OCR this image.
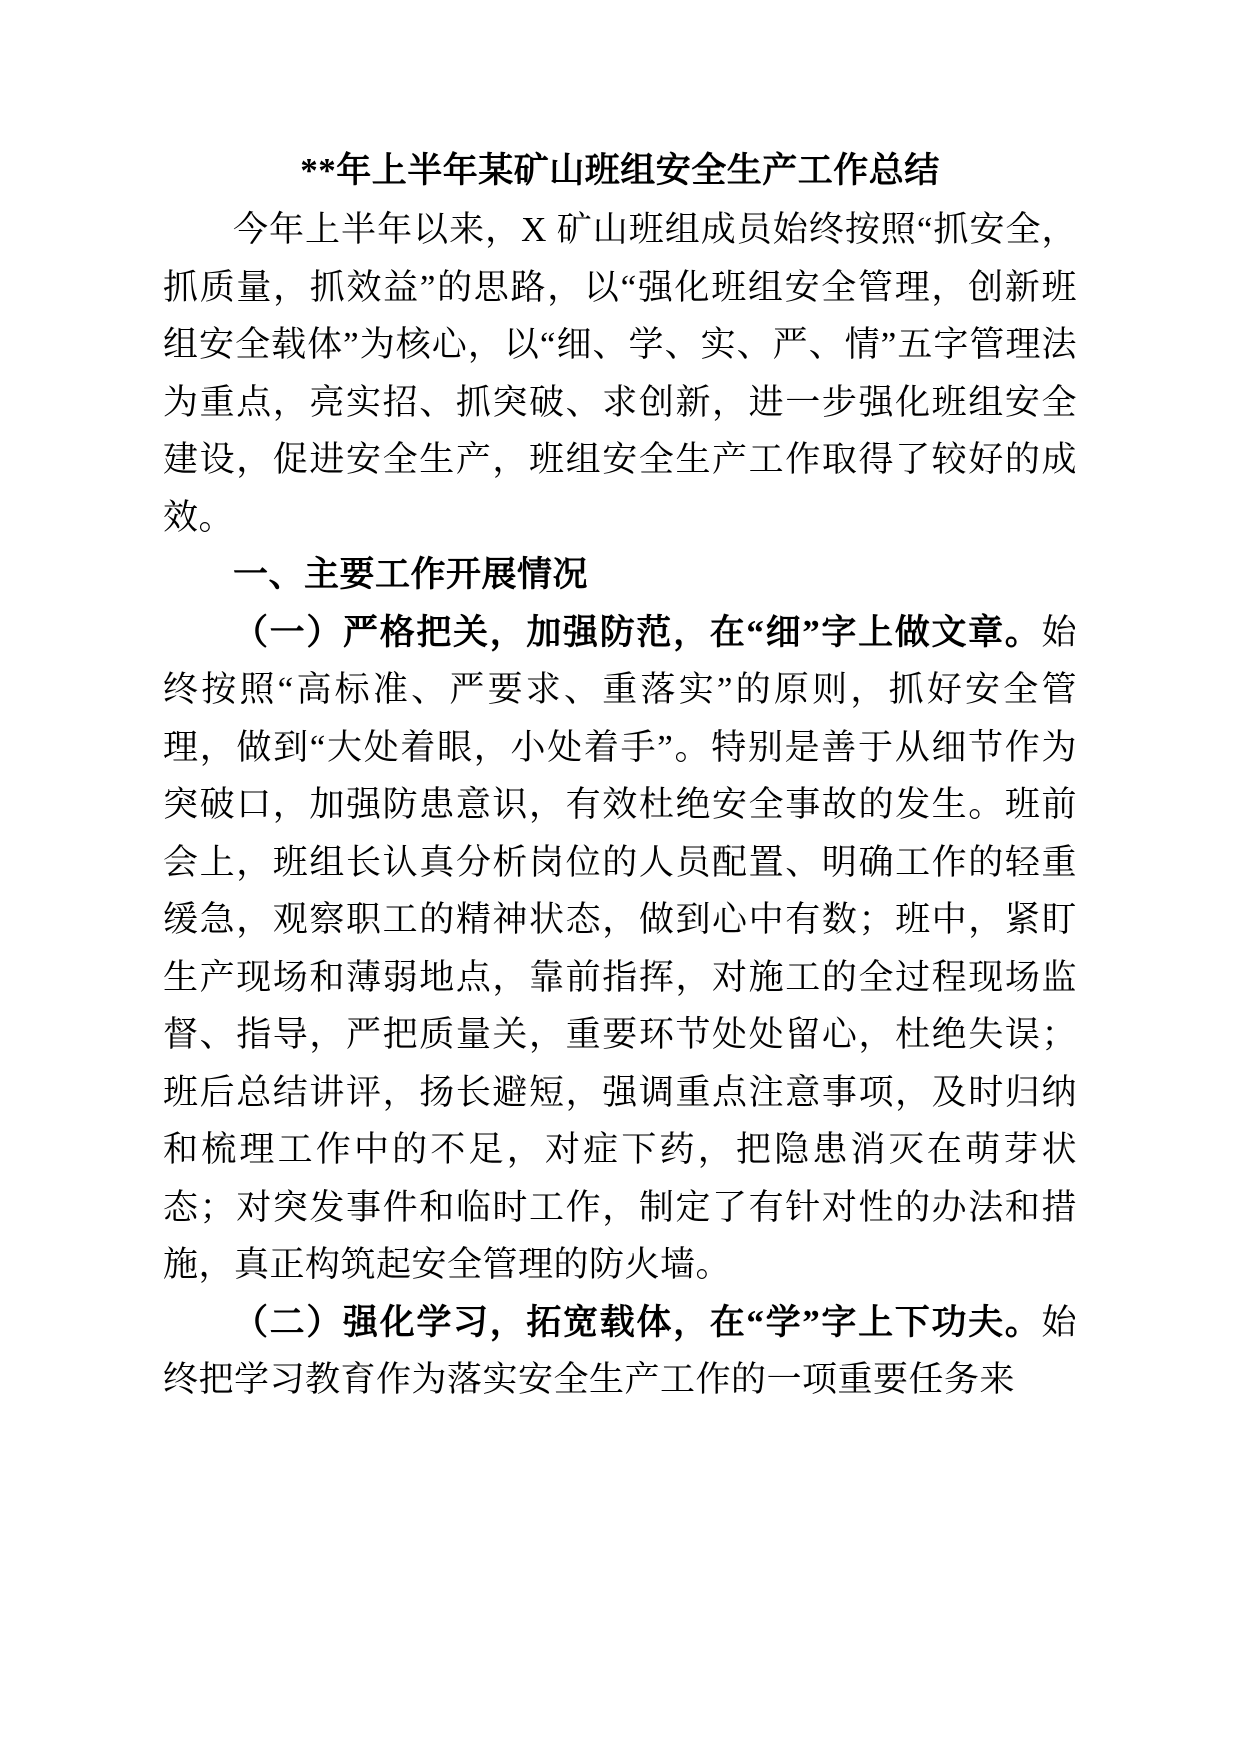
**年上半年某矿山班组安全生产工作总结

今年上半年以来，X 矿山班组成员始终按照“抓安全，抓质量，抓效益”的思路，以“强化班组安全管理，创新班组安全载体”为核心，以“细、学、实、严、情”五字管理法为重点，亮实招、抓突破、求创新，进一步强化班组安全建设，促进安全生产，班组安全生产工作取得了较好的成效。

一、主要工作开展情况

（一）严格把关，加强防范，在“细”字上做文章。始终按照“高标准、严要求、重落实”的原则，抓好安全管理，做到“大处着眼，小处着手”。特别是善于从细节作为突破口，加强防患意识，有效杜绝安全事故的发生。班前会上，班组长认真分析岗位的人员配置、明确工作的轻重缓急，观察职工的精神状态，做到心中有数；班中，紧盯生产现场和薄弱地点，靠前指挥，对施工的全过程现场监督、指导，严把质量关，重要环节处处留心，杜绝失误；班后总结讲评，扬长避短，强调重点注意事项，及时归纳和梳理工作中的不足，对症下药，把隐患消灭在萌芽状态；对突发事件和临时工作，制定了有针对性的办法和措施，真正构筑起安全管理的防火墙。

（二）强化学习，拓宽载体，在“学”字上下功夫。始终把学习教育作为落实安全生产工作的一项重要任务来
